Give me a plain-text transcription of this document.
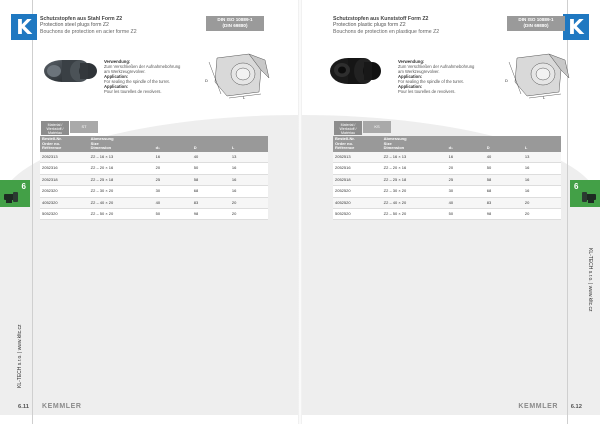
K	Schutzstopfen aus Stahl Form Z2
Protection steel plugs form Z2
Bouchons de protection en acier forme Z2
DIN ISO 10889-1
(DIN 69880)
Verwendung:
Zum Verschließen der Aufnahmebohrung am Werkzeugrevolver.
Application:
For sealing the spindle of the turret.
Application:
Pour les tourelles de revolvers.
D
L
Material / Werkstoff / MatériauST
Bestell-Nr.
Order no.
Référence	Abmessung
Size
Dimension	d₁	D	L
2052313	Z2 – 16 × 13	16	40	13
2052316	Z2 – 20 × 16	20	50	16
2052318	Z2 – 25 × 18	25	58	16
2052320	Z2 – 30 × 20	30	68	16
4052320	Z2 – 40 × 20	40	83	20
5052320	Z2 – 50 × 20	50	98	20
6
KL-TECH s.r.o. | www.kltc.cz
6.11 KEMMLER
K
Schutzstopfen aus Kunststoff Form Z2
Protection plastic plugs form Z2
Bouchons de protection en plastique forme Z2
DIN ISO 10889-1
(DIN 69880)
Verwendung:
Zum Verschließen der Aufnahmebohrung am Werkzeugrevolver.
Application:
For sealing the spindle of the turret.
Application:
Pour les tourelles de revolvers.
D
L
Material / Werkstoff / MatériauKS
Bestell-Nr.
Order no.
Référence	Abmessung
Size
Dimension	d₁	D	L
2052513	Z2 – 16 × 13	16	40	13
2052516	Z2 – 20 × 16	20	50	16
2052518	Z2 – 25 × 18	25	58	16
2052520	Z2 – 30 × 20	30	68	16
4052520	Z2 – 40 × 20	40	83	20
5052520	Z2 – 50 × 20	50	98	20
6
KL-TECH s.r.o. | www.kltc.cz
6.12
KEMMLER
